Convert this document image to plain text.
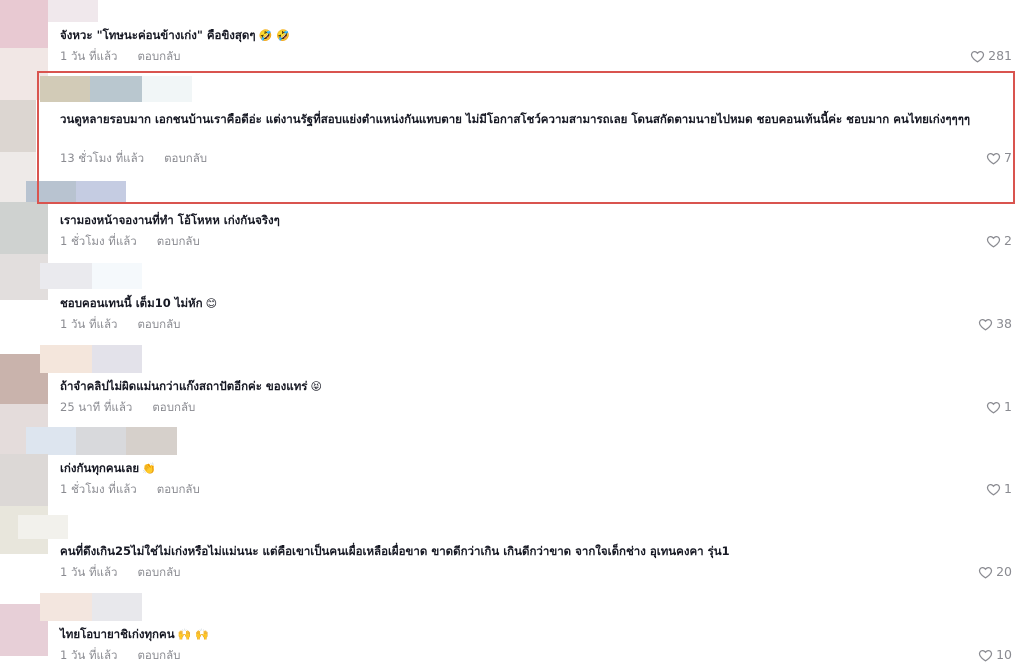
จังหวะ "โทษนะค่อนข้างเก่ง" คือขิงสุดๆ 🤣 🤣
1 วัน ที่แล้ว ตอบกลับ	281
วนดูหลายรอบมาก เอกชนบ้านเราคือดีอ่ะ แต่งานรัฐที่สอบแย่งตำแหน่งกันแทบตาย ไม่มีโอกาสโชว์ความสามารถเลย โดนสกัดตามนายไปหมด ชอบคอนเท้นนี้ค่ะ ชอบมาก คนไทยเก่งๆๆๆๆ
13 ชั่วโมง ที่แล้ว ตอบกลับ	7
เรามองหน้าจองานที่ทำ โอ้โหหห เก่งกันจริงๆ
1 ชั่วโมง ที่แล้ว ตอบกลับ	2
ชอบคอนเทนนี้ เต็ม10 ไม่หัก 😊
1 วัน ที่แล้ว ตอบกลับ	38
ถ้าจำคลิปไม่ผิดแม่นกว่าแก๊งสถาปัตอีกค่ะ ของแทร่ 😝
25 นาที ที่แล้ว ตอบกลับ	1
เก่งกันทุกคนเลย 👏
1 ชั่วโมง ที่แล้ว ตอบกลับ	1
คนที่ดึงเกิน25ไม่ใช่ไม่เก่งหรือไม่แม่นนะ แต่คือเขาเป็นคนเผื่อเหลือเผื่อขาด ขาดดีกว่าเกิน เกินดีกว่าขาด จากใจเด็กช่าง อุเทนคงคา รุ่น1
1 วัน ที่แล้ว ตอบกลับ	20
ไทยโอบายาชิเก่งทุกคน 🙌 🙌
1 วัน ที่แล้ว ตอบกลับ	10
